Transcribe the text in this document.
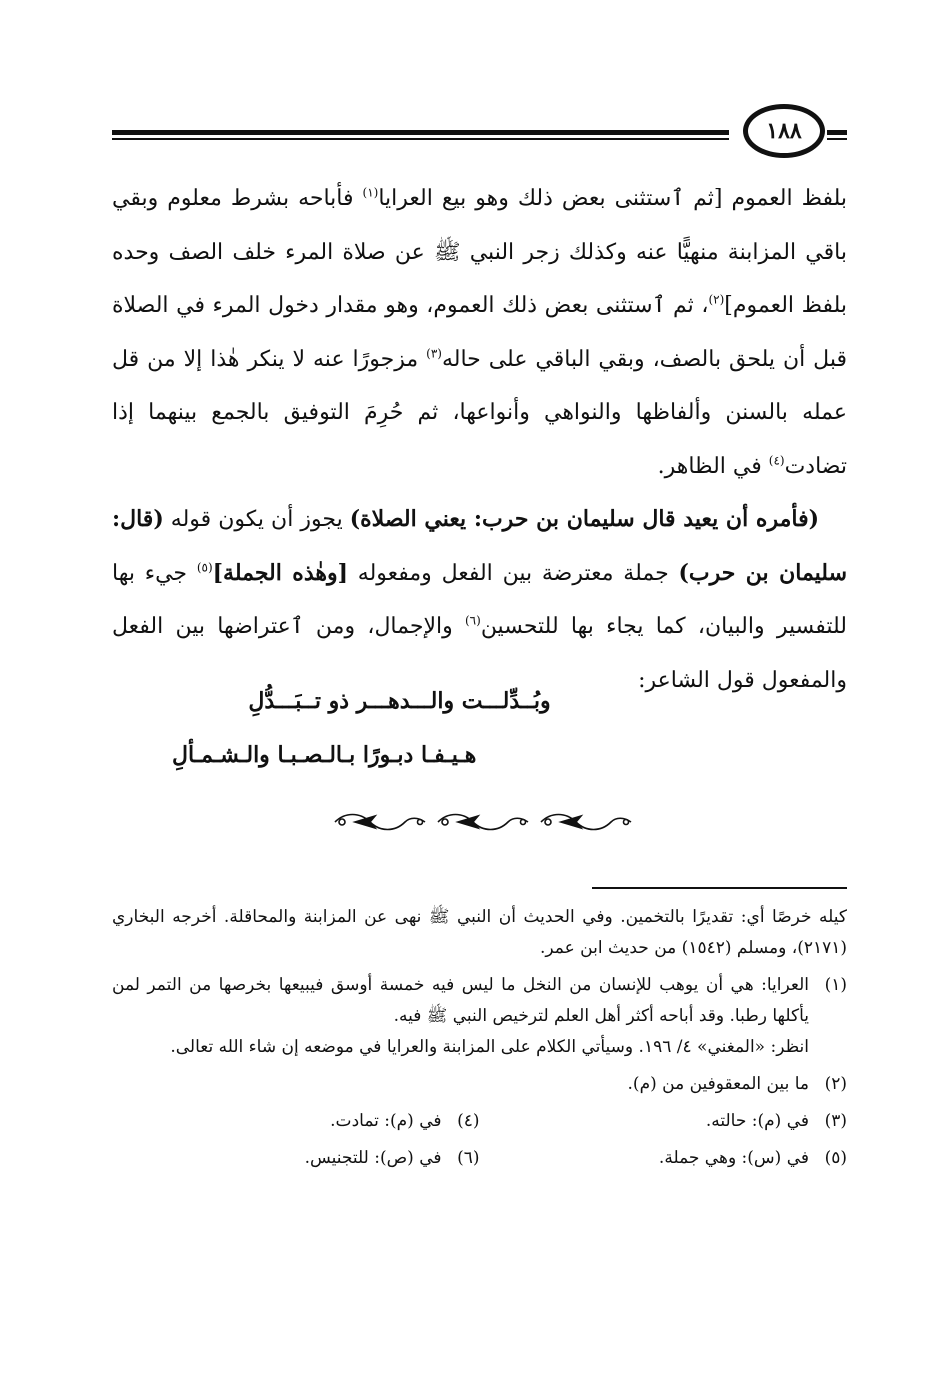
١٨٨

بلفظ العموم [ثم ٱستثنى بعض ذلك وهو بيع العرايا$^{(١)}$ فأباحه بشرط معلوم وبقي باقي المزابنة منهيًّا عنه وكذلك زجر النبي ﷺ عن صلاة المرء خلف الصف وحده بلفظ العموم]$^{(٢)}$، ثم ٱستثنى بعض ذلك العموم، وهو مقدار دخول المرء في الصلاة قبل أن يلحق بالصف، وبقي الباقي على حاله$^{(٣)}$ مزجورًا عنه لا ينكر هٰذا إلا من قل عمله بالسنن وألفاظها والنواهي وأنواعها، ثم حُرِمَ التوفيق بالجمع بينهما إذا تضادت$^{(٤)}$ في الظاهر.

(فأمره أن يعيد قال سليمان بن حرب: يعني الصلاة) يجوز أن يكون قوله (قال: سليمان بن حرب) جملة معترضة بين الفعل ومفعوله [وهٰذه الجملة]$^{(٥)}$ جيء بها للتفسير والبيان، كما يجاء بها للتحسين$^{(٦)}$ والإجمال، ومن ٱعتراضها بين الفعل والمفعول قول الشاعر:

وبُــدِّلـــت والـــدهـــر ذو تــبَـــدُّلِ
هـيـفـا دبـورًا بـالـصـبـا والـشـمـألِ
كيله خرصًا أي: تقديرًا بالتخمين. وفي الحديث أن النبي ﷺ نهى عن المزابنة والمحاقلة. أخرجه البخاري (٢١٧١)، ومسلم (١٥٤٢) من حديث ابن عمر.
(١)
العرايا: هي أن يوهب للإنسان من النخل ما ليس فيه خمسة أوسق فيبيعها بخرصها من التمر لمن يأكلها رطبا. وقد أباحه أكثر أهل العلم لترخيص النبي ﷺ فيه.
انظر: «المغني» ٤/ ١٩٦. وسيأتي الكلام على المزابنة والعرايا في موضعه إن شاء الله تعالى.
(٢)
ما بين المعقوفين من (م).
(٣)
في (م): حالته.
(٤)
في (م): تمادت.
(٥)
في (س): وهي جملة.
(٦)
في (ص): للتجنيس.
